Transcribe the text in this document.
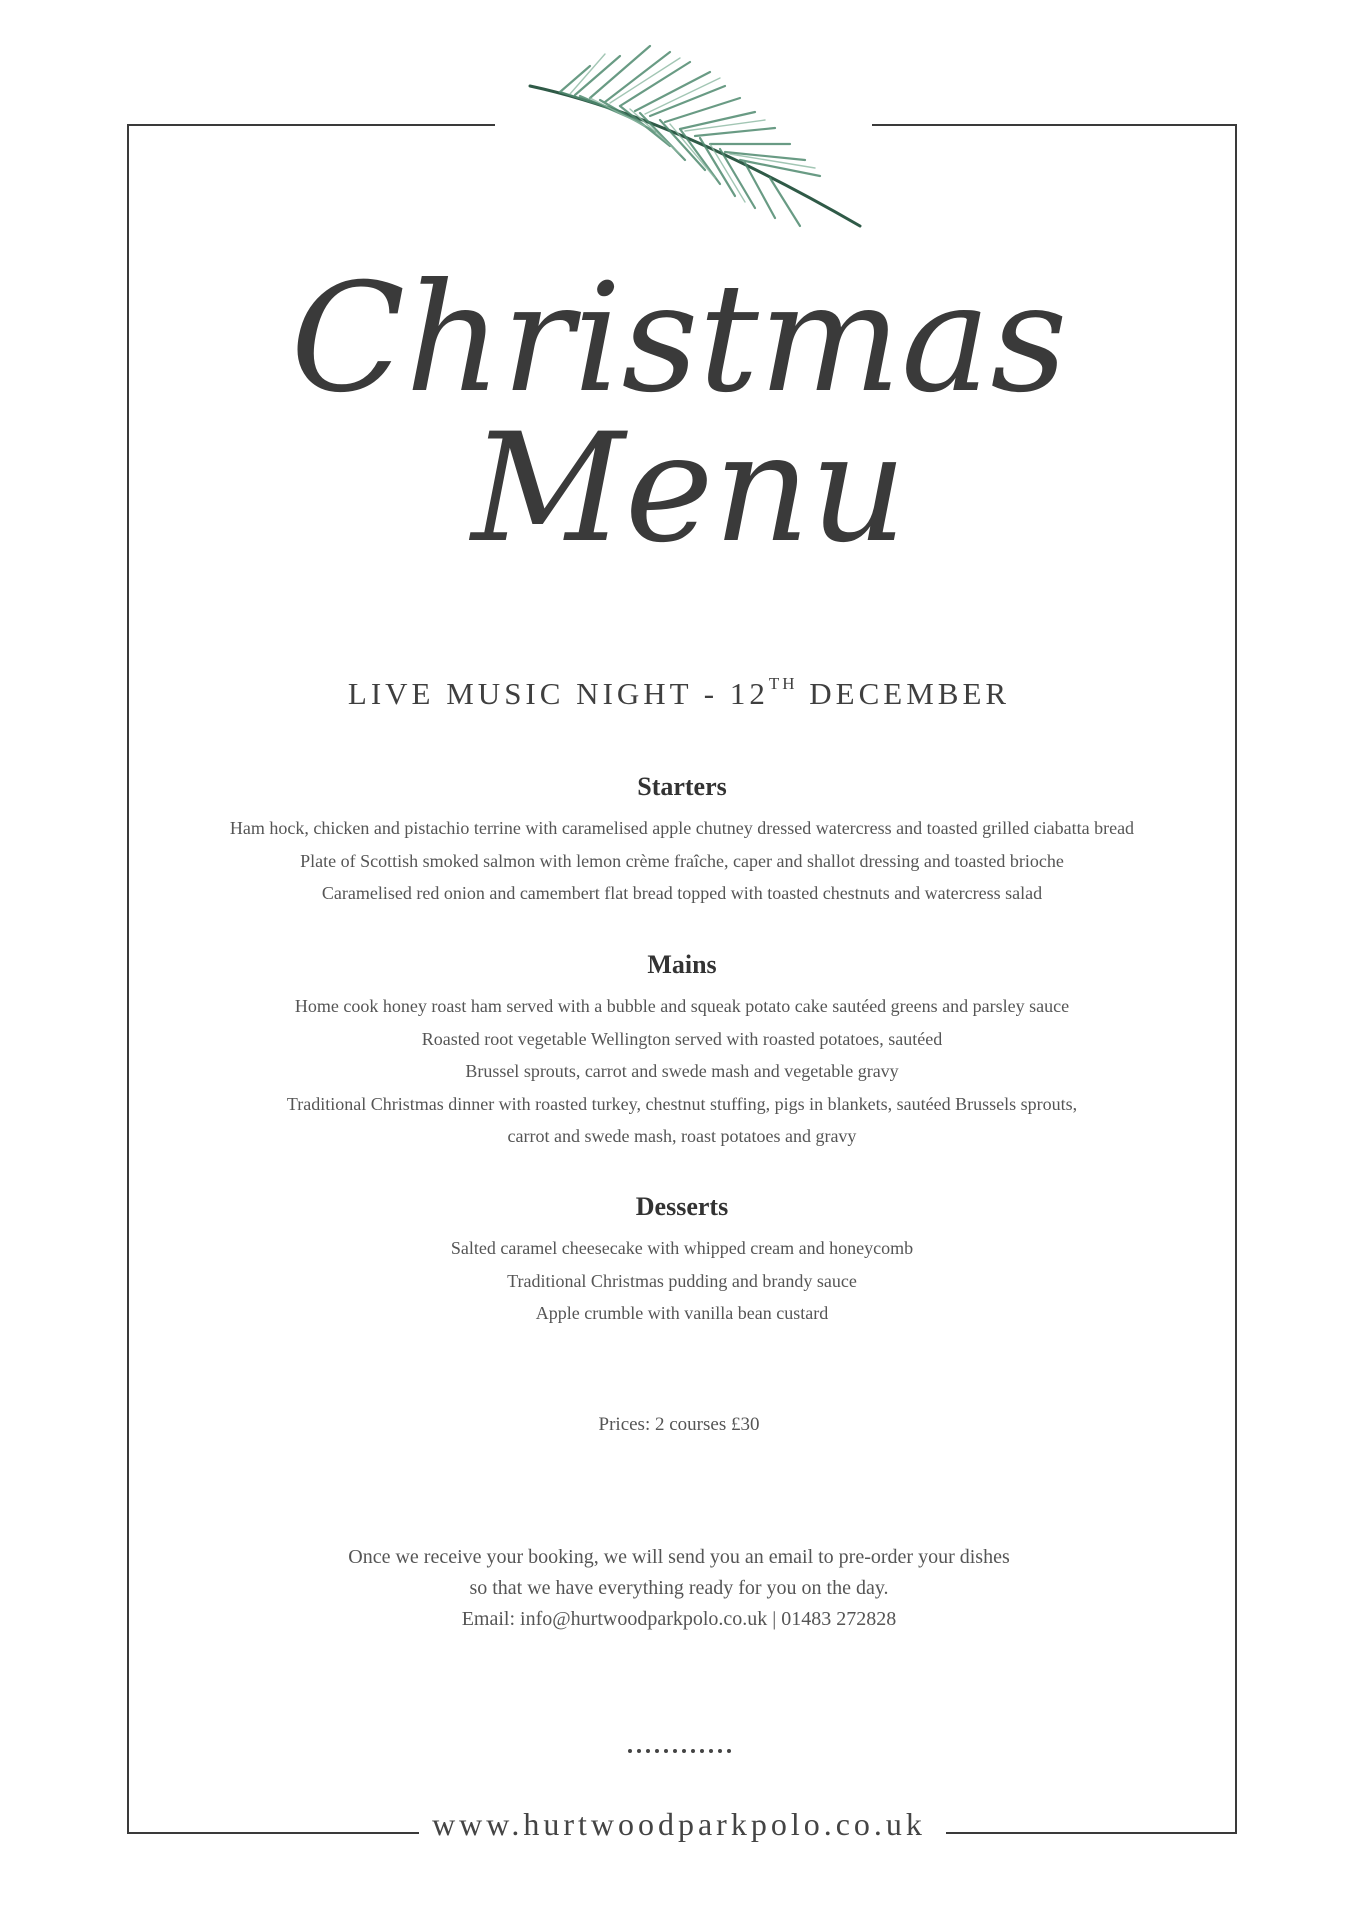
Christmas
Menu
LIVE MUSIC NIGHT - 12TH DECEMBER
Starters
Ham hock, chicken and pistachio terrine with caramelised apple chutney dressed watercress and toasted grilled ciabatta bread
Plate of Scottish smoked salmon with lemon crème fraîche, caper and shallot dressing and toasted brioche
Caramelised red onion and camembert flat bread topped with toasted chestnuts and watercress salad
Mains
Home cook honey roast ham served with a bubble and squeak potato cake sautéed greens and parsley sauce
Roasted root vegetable Wellington served with roasted potatoes, sautéed
Brussel sprouts, carrot and swede mash and vegetable gravy
Traditional Christmas dinner with roasted turkey, chestnut stuffing, pigs in blankets, sautéed Brussels sprouts,
carrot and swede mash, roast potatoes and gravy
Desserts
Salted caramel cheesecake with whipped cream and honeycomb
Traditional Christmas pudding and brandy sauce
Apple crumble with vanilla bean custard
Prices: 2 courses £30
Once we receive your booking, we will send you an email to pre-order your dishes
so that we have everything ready for you on the day.
Email: info@hurtwoodparkpolo.co.uk | 01483 272828
www.hurtwoodparkpolo.co.uk
